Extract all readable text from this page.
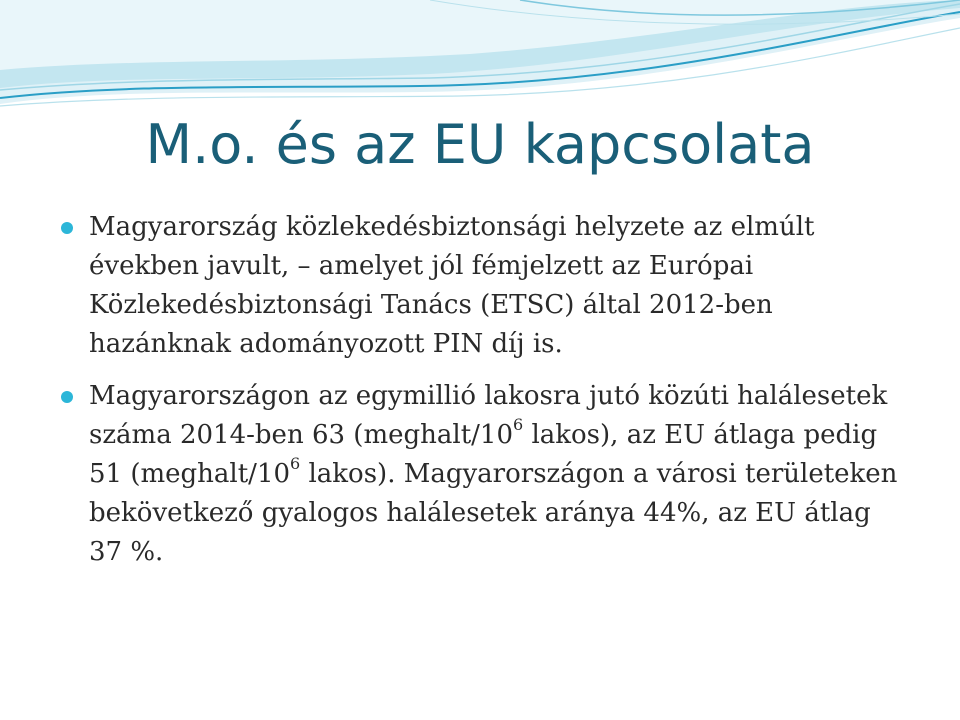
M.o. és az EU kapcsolata
Magyarország közlekedésbiztonsági helyzete az elmúlt években javult, – amelyet jól fémjelzett az Európai Közlekedésbiztonsági Tanács (ETSC) által 2012-ben hazánknak adományozott PIN díj is.
Magyarországon az egymillió lakosra jutó közúti halálesetek száma 2014-ben 63 ($meghalt/10^6$ lakos), az EU átlaga pedig 51 ($meghalt/10^6$ lakos). Magyarországon a városi területeken bekövetkező gyalogos halálesetek aránya 44%, az EU átlag 37 %.
